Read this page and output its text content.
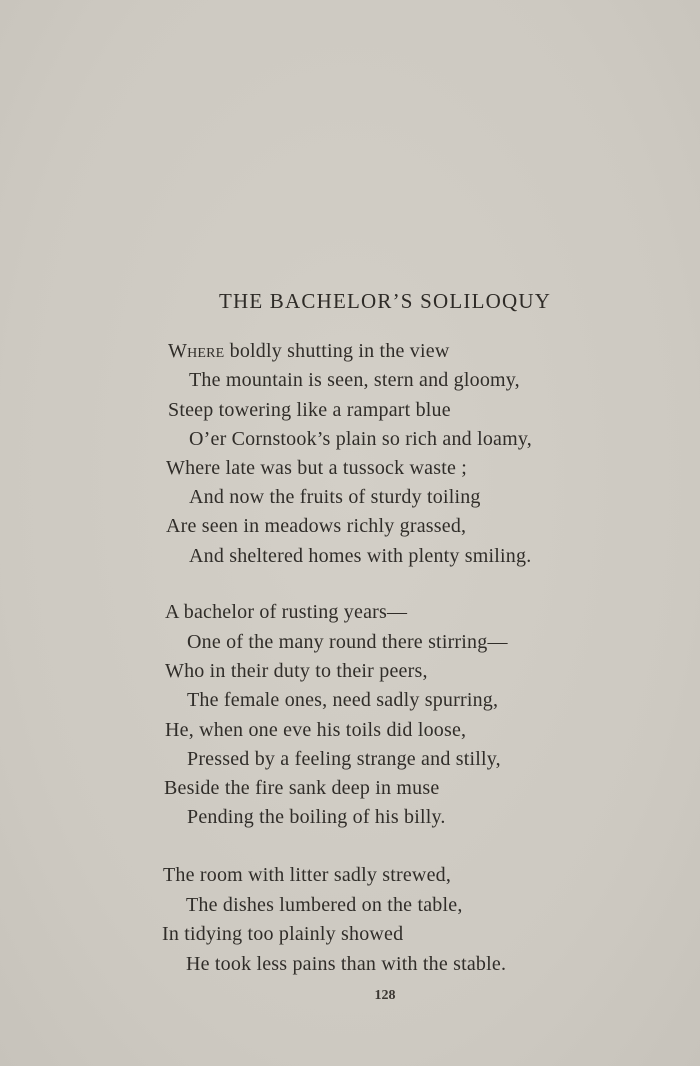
THE BACHELOR’S SOLILOQUY
Where boldly shutting in the view
The mountain is seen, stern and gloomy,
Steep towering like a rampart blue
O’er Cornstook’s plain so rich and loamy,
Where late was but a tussock waste ;
And now the fruits of sturdy toiling
Are seen in meadows richly grassed,
And sheltered homes with plenty smiling.
A bachelor of rusting years—
One of the many round there stirring—
Who in their duty to their peers,
The female ones, need sadly spurring,
He, when one eve his toils did loose,
Pressed by a feeling strange and stilly,
Beside the fire sank deep in muse
Pending the boiling of his billy.
The room with litter sadly strewed,
The dishes lumbered on the table,
In tidying too plainly showed
He took less pains than with the stable.
128
